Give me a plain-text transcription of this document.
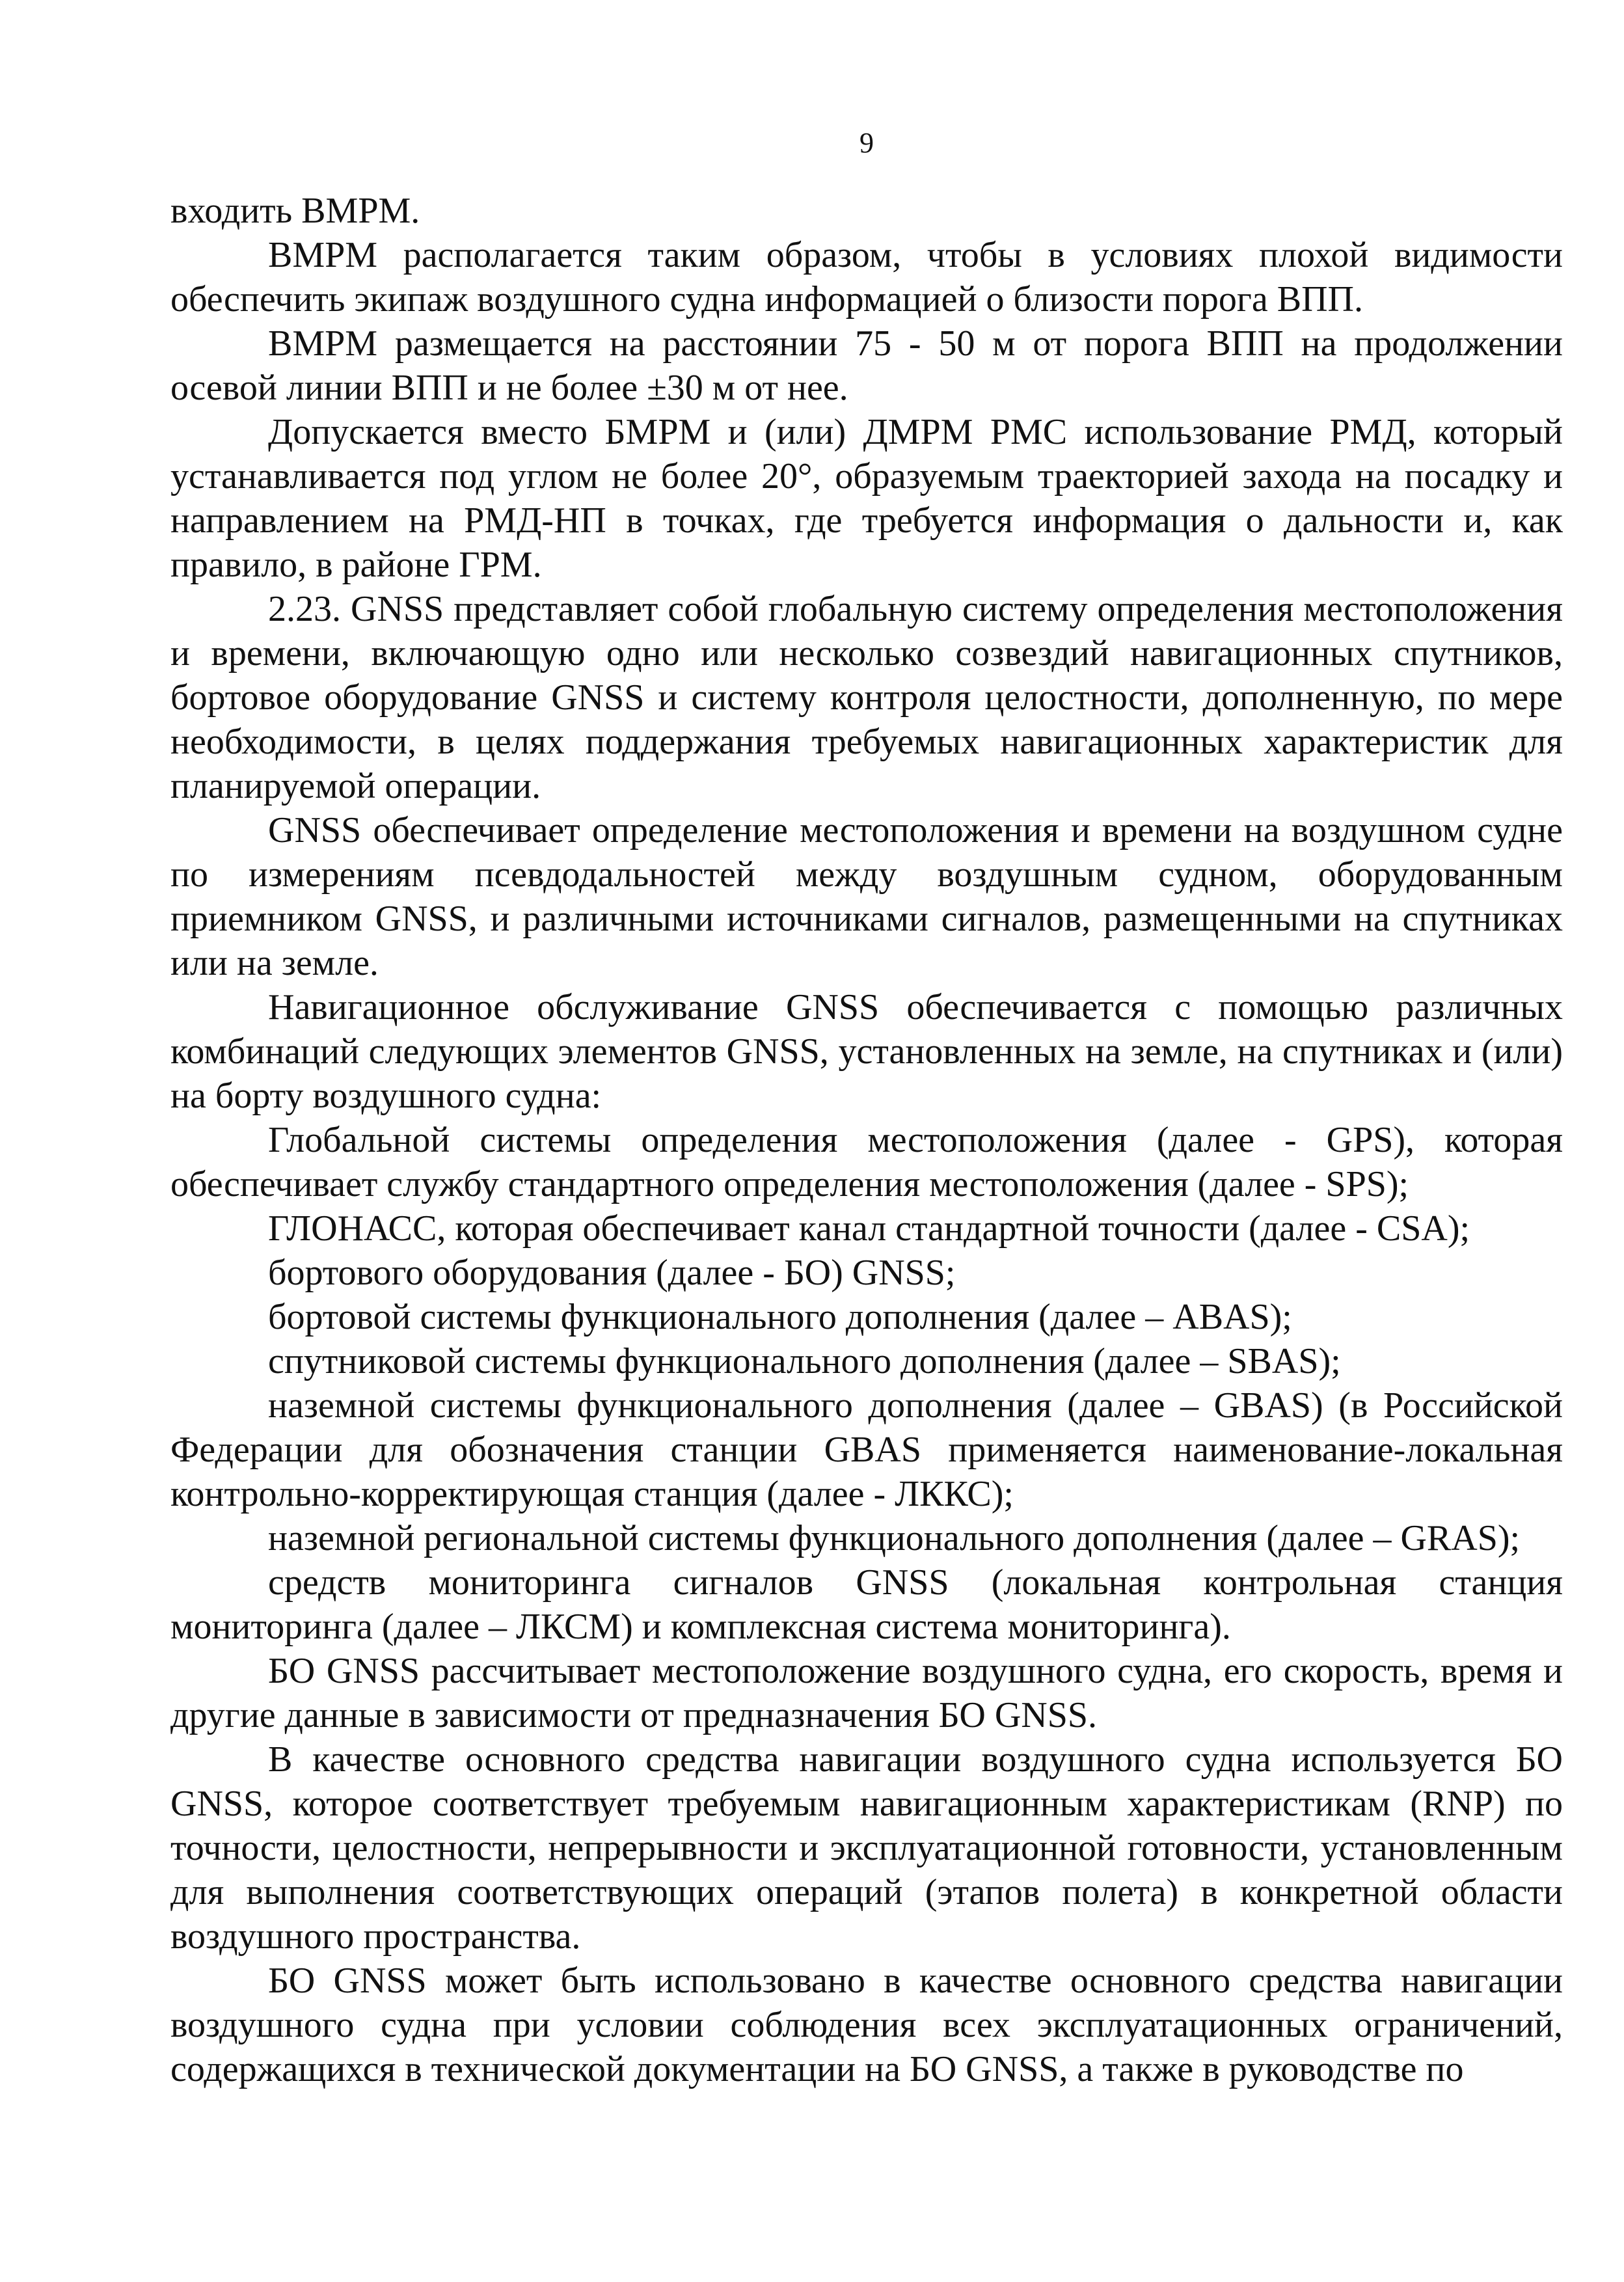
9

входить ВМРМ.

ВМРМ располагается таким образом, чтобы в условиях плохой видимости обеспечить экипаж воздушного судна информацией о близости порога ВПП.

ВМРМ размещается на расстоянии 75 - 50 м от порога ВПП на продолжении осевой линии ВПП и не более ±30 м от нее.

Допускается вместо БМРМ и (или) ДМРМ РМС использование РМД, который устанавливается под углом не более 20°, образуемым траекторией захода на посадку и направлением на РМД-НП в точках, где требуется информация о дальности и, как правило, в районе ГРМ.

2.23. GNSS представляет собой глобальную систему определения местоположения и времени, включающую одно или несколько созвездий навигационных спутников, бортовое оборудование GNSS и систему контроля целостности, дополненную, по мере необходимости, в целях поддержания требуемых навигационных характеристик для планируемой операции.

GNSS обеспечивает определение местоположения и времени на воздушном судне по измерениям псевдодальностей между воздушным судном, оборудованным приемником GNSS, и различными источниками сигналов, размещенными на спутниках или на земле.

Навигационное обслуживание GNSS обеспечивается с помощью различных комбинаций следующих элементов GNSS, установленных на земле, на спутниках и (или) на борту воздушного судна:

Глобальной системы определения местоположения (далее - GPS), которая обеспечивает службу стандартного определения местоположения (далее - SPS);

ГЛОНАСС, которая обеспечивает канал стандартной точности (далее - CSA);

бортового оборудования (далее - БО) GNSS;

бортовой системы функционального дополнения (далее – ABAS);

спутниковой системы функционального дополнения (далее – SBAS);

наземной системы функционального дополнения (далее – GBAS) (в Российской Федерации для обозначения станции GBAS применяется наименование-локальная контрольно-корректирующая станция (далее - ЛККС);

наземной региональной системы функционального дополнения (далее – GRAS);

средств мониторинга сигналов GNSS (локальная контрольная станция мониторинга (далее – ЛКСМ) и комплексная система мониторинга).

БО GNSS рассчитывает местоположение воздушного судна, его скорость, время и другие данные в зависимости от предназначения БО GNSS.

В качестве основного средства навигации воздушного судна используется БО GNSS, которое соответствует требуемым навигационным характеристикам (RNP) по точности, целостности, непрерывности и эксплуатационной готовности, установленным для выполнения соответствующих операций (этапов полета) в конкретной области воздушного пространства.

БО GNSS может быть использовано в качестве основного средства навигации воздушного судна при условии соблюдения всех эксплуатационных ограничений, содержащихся в технической документации на БО GNSS, а также в руководстве по
